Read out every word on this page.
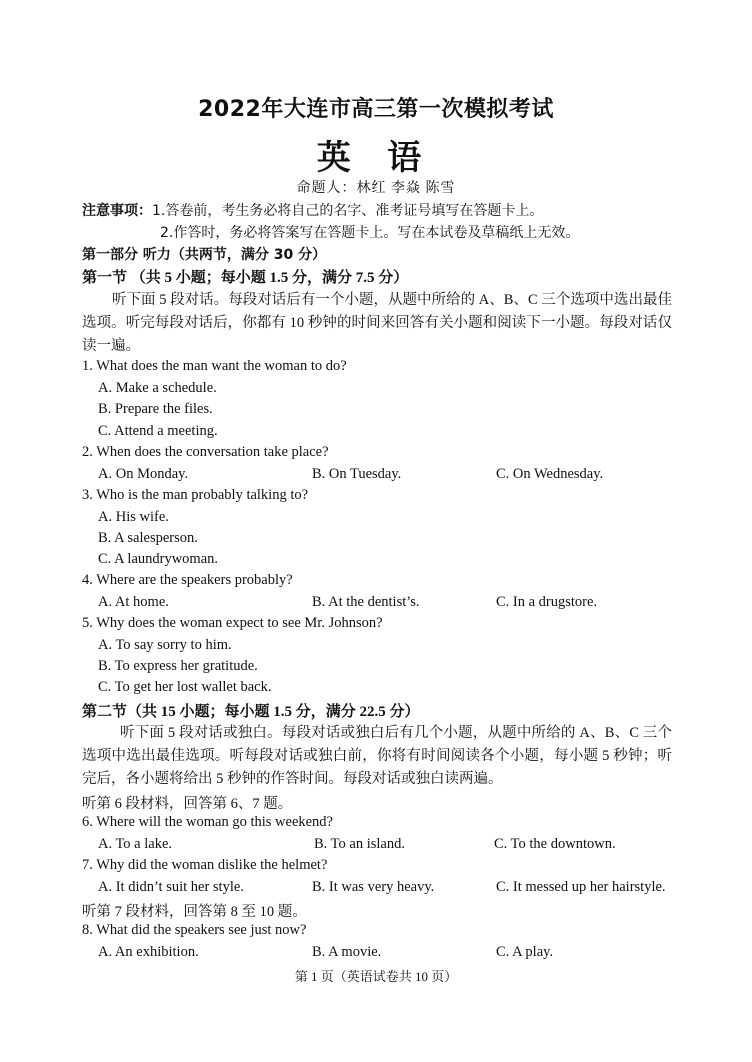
2022年大连市高三第一次模拟考试
英 语
命题人：林红 李焱 陈雪
注意事项：1.答卷前，考生务必将自己的名字、准考证号填写在答题卡上。
2.作答时，务必将答案写在答题卡上。写在本试卷及草稿纸上无效。
第一部分 听力（共两节，满分 30 分）
第一节 （共 5 小题；每小题 1.5 分，满分 7.5 分）
听下面 5 段对话。每段对话后有一个小题，从题中所给的 A、B、C 三个选项中选出最佳选项。听完每段对话后，你都有 10 秒钟的时间来回答有关小题和阅读下一小题。每段对话仅读一遍。
1. What does the man want the woman to do?
A. Make a schedule.
B. Prepare the files.
C. Attend a meeting.
2. When does the conversation take place?
A. On Monday.	B. On Tuesday.	C. On Wednesday.
3. Who is the man probably talking to?
A. His wife.
B. A salesperson.
C. A laundrywoman.
4. Where are the speakers probably?
A. At home.	B. At the dentist’s.	C. In a drugstore.
5. Why does the woman expect to see Mr. Johnson?
A. To say sorry to him.
B. To express her gratitude.
C. To get her lost wallet back.
第二节（共 15 小题；每小题 1.5 分，满分 22.5 分）
听下面 5 段对话或独白。每段对话或独白后有几个小题，从题中所给的 A、B、C 三个选项中选出最佳选项。听每段对话或独白前，你将有时间阅读各个小题，每小题 5 秒钟；听完后，各小题将给出 5 秒钟的作答时间。每段对话或独白读两遍。
听第 6 段材料，回答第 6、7 题。
6. Where will the woman go this weekend?
A. To a lake.	B. To an island.	C. To the downtown.
7. Why did the woman dislike the helmet?
A. It didn’t suit her style.	B. It was very heavy.	C. It messed up her hairstyle.
听第 7 段材料，回答第 8 至 10 题。
8. What did the speakers see just now?
A. An exhibition.	B. A movie.	C. A play.
第 1 页（英语试卷共 10 页）
